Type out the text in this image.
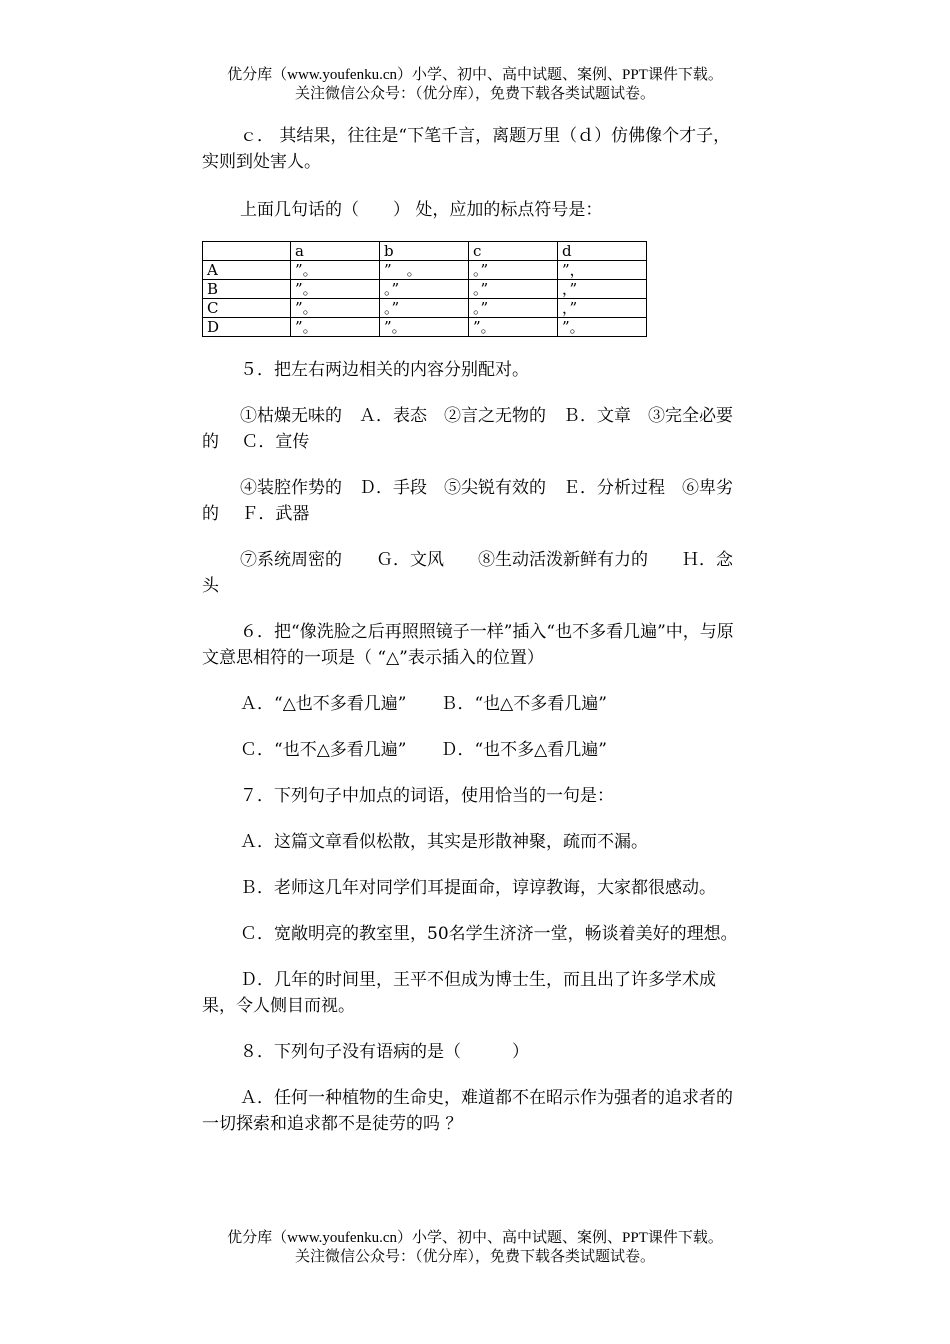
优分库（www.youfenku.cn）小学、初中、高中试题、案例、PPT课件下载。
关注微信公众号：（优分库），免费下载各类试题试卷。

ｃ． 其结果，往往是“下笔千言，离题万里（ｄ）仿佛像个才子，实则到处害人。

上面几句话的（　　） 处，应加的标点符号是：

	a	b	c	d
A	”。	”　。	。”	”，
B	”。	。”	。”	，”
C	”。	。”	。”	，”
D	”。	”。	”。	”。

５．把左右两边相关的内容分别配对。

①枯燥无味的　Ａ．表态　②言之无物的　Ｂ．文章　③完全必要的　 Ｃ．宣传

④装腔作势的　Ｄ．手段　⑤尖锐有效的　Ｅ．分析过程　⑥卑劣的　 Ｆ．武器

⑦系统周密的　　Ｇ．文风　　⑧生动活泼新鲜有力的　　Ｈ．念头

６．把“像洗脸之后再照照镜子一样”插入“也不多看几遍”中，与原文意思相符的一项是（ “△”表示插入的位置）

Ａ．“△也不多看几遍”　　Ｂ．“也△不多看几遍”

Ｃ．“也不△多看几遍”　　Ｄ．“也不多△看几遍”

７．下列句子中加点的词语，使用恰当的一句是：

Ａ．这篇文章看似松散，其实是形散神聚，疏而不漏。

Ｂ．老师这几年对同学们耳提面命，谆谆教诲，大家都很感动。

Ｃ．宽敞明亮的教室里，50名学生济济一堂，畅谈着美好的理想。

Ｄ．几年的时间里，王平不但成为博士生，而且出了许多学术成果，令人侧目而视。

８．下列句子没有语病的是（　　　）

Ａ．任何一种植物的生命史，难道都不在昭示作为强者的追求者的一切探索和追求都不是徒劳的吗 ？

优分库（www.youfenku.cn）小学、初中、高中试题、案例、PPT课件下载。
关注微信公众号：（优分库），免费下载各类试题试卷。
